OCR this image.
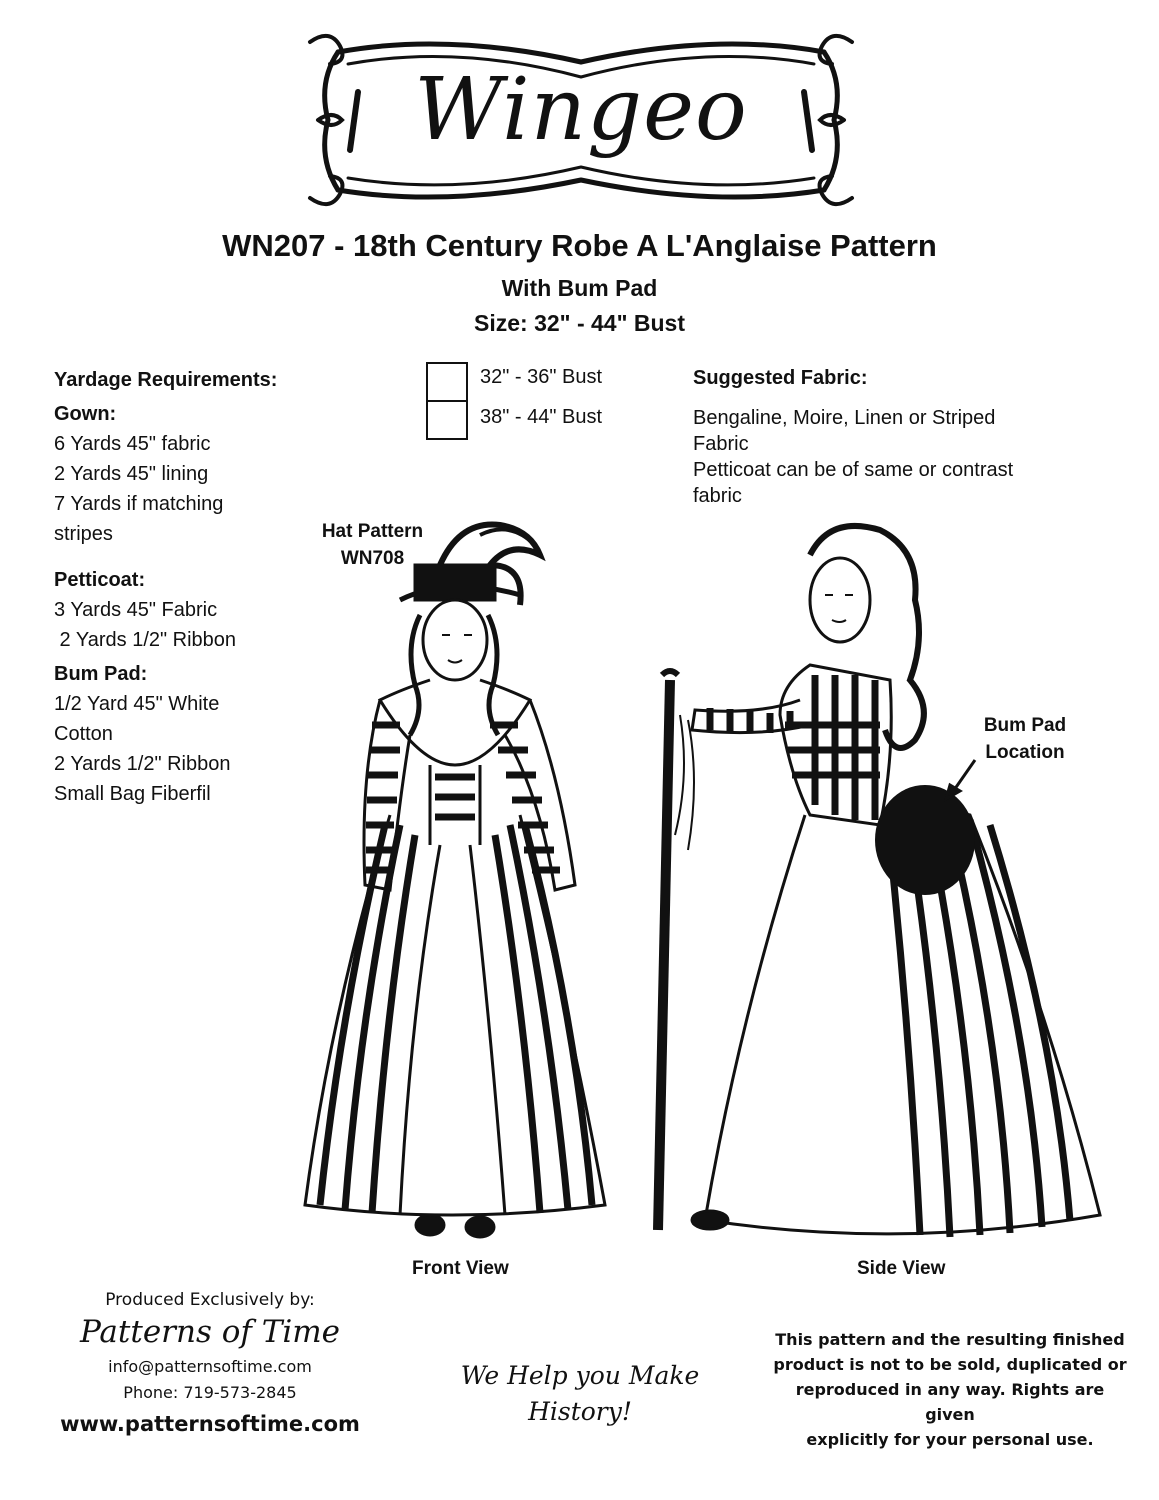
Wingeo
WN207 - 18th Century Robe A L'Anglaise Pattern
With Bum Pad
Size: 32" - 44" Bust
Yardage Requirements:
Gown:
6 Yards 45" fabric
2 Yards 45" lining
7 Yards if matching
stripes
Petticoat:
3 Yards 45" Fabric
2 Yards 1/2" Ribbon
Bum Pad:
1/2 Yard 45" White
Cotton
2 Yards 1/2" Ribbon
Small Bag Fiberfil
32" - 36" Bust
38" - 44" Bust
Suggested Fabric:
Bengaline, Moire, Linen or Striped
Fabric
Petticoat can be of same or contrast
fabric
Hat Pattern
WN708
Bum Pad
Location
Front View	Side View
Produced Exclusively by:
Patterns of Time
info@patternsoftime.com
Phone: 719-573-2845
www.patternsoftime.com
We Help you Make
History!
This pattern and the resulting finished
product is not to be sold, duplicated or
reproduced in any way. Rights are given
explicitly for your personal use.
